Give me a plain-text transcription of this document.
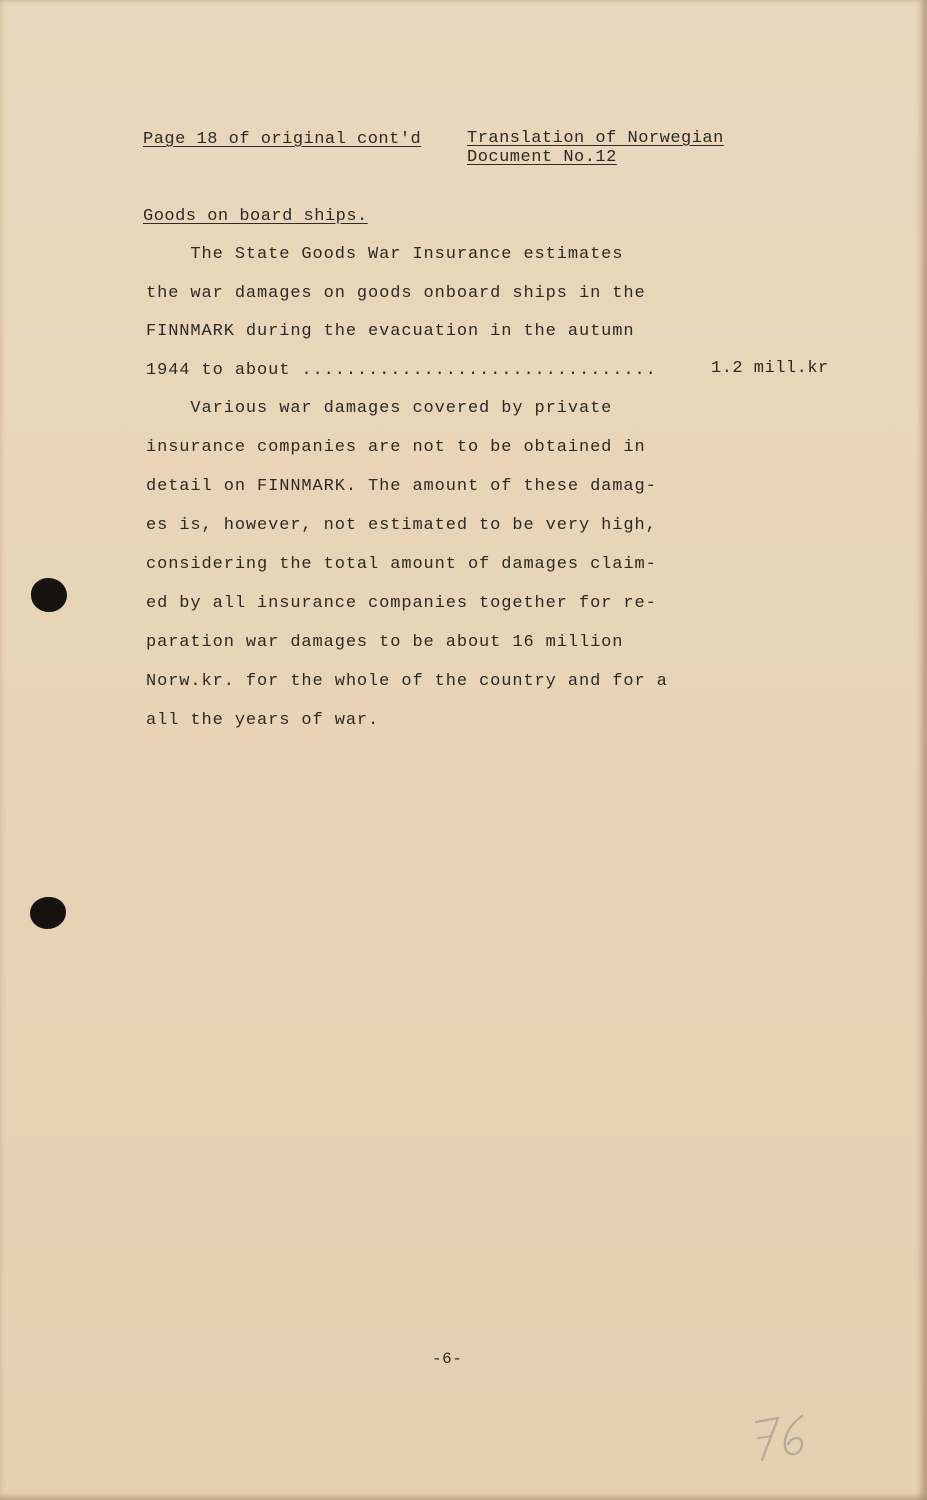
Page 18 of original cont'd	Translation of Norwegian
Document No.12
Goods on board ships.
The State Goods War Insurance estimates
the war damages on goods onboard ships in the
FINNMARK during the evacuation in the autumn
1944 to about ................................	1.2 mill.kr
Various war damages covered by private
insurance companies are not to be obtained in
detail on FINNMARK. The amount of these damag-
es is, however, not estimated to be very high,
considering the total amount of damages claim-
ed by all insurance companies together for re-
paration war damages to be about 16 million
Norw.kr. for the whole of the country and for a
all the years of war.
-6-
